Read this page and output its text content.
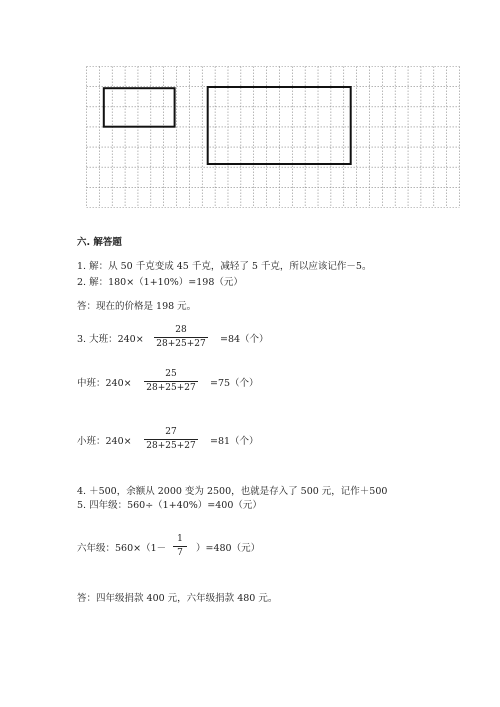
六. 解答题
1. 解：从 50 千克变成 45 千克，减轻了 5 千克，所以应该记作－5。
2. 解：180×（1+10%）=198（元）
答：现在的价格是 198 元。
3. 大班：240×
28
28+25+27 =84（个）
中班：240×
25
28+25+27 =75（个）
小班：240×
27
28+25+27 =81（个）
4. ＋500，余额从 2000 变为 2500，也就是存入了 500 元，记作＋500
5. 四年级：560÷（1+40%）=400（元）
六年级：560×（1－
1
7	）=480（元）
答：四年级捐款 400 元，六年级捐款 480 元。
